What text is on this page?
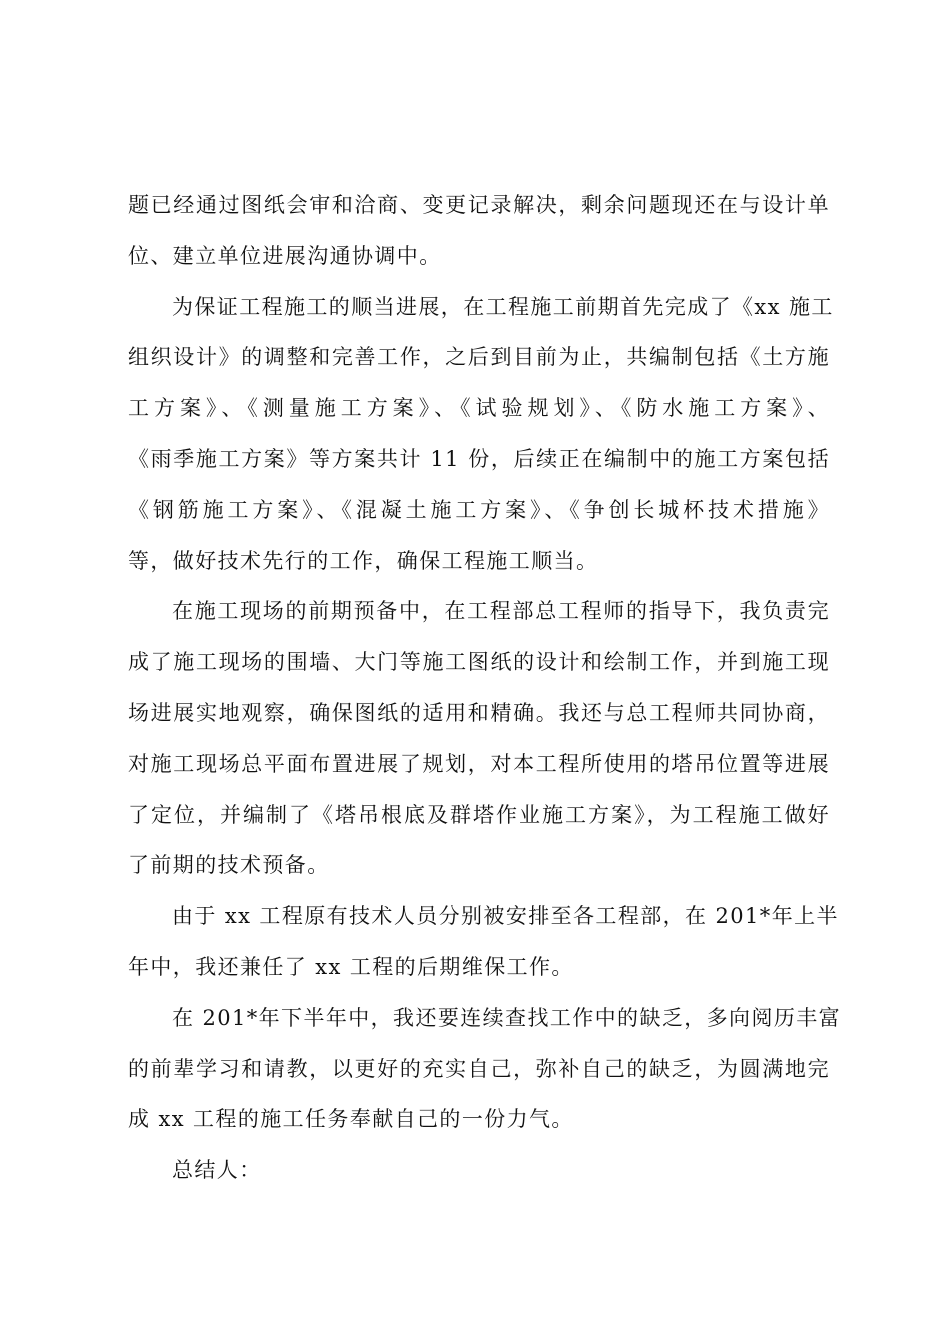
题已经通过图纸会审和洽商、变更记录解决，剩余问题现还在与设计单
位、建立单位进展沟通协调中。

为保证工程施工的顺当进展，在工程施工前期首先完成了《xx 施工
组织设计》的调整和完善工作，之后到目前为止，共编制包括《土方施
工方案》、《测量施工方案》、《试验规划》、《防水施工方案》、
《雨季施工方案》等方案共计 11 份，后续正在编制中的施工方案包括
《钢筋施工方案》、《混凝土施工方案》、《争创长城杯技术措施》
等，做好技术先行的工作，确保工程施工顺当。

在施工现场的前期预备中，在工程部总工程师的指导下，我负责完
成了施工现场的围墙、大门等施工图纸的设计和绘制工作，并到施工现
场进展实地观察，确保图纸的适用和精确。我还与总工程师共同协商，
对施工现场总平面布置进展了规划，对本工程所使用的塔吊位置等进展
了定位，并编制了《塔吊根底及群塔作业施工方案》，为工程施工做好
了前期的技术预备。

由于 xx 工程原有技术人员分别被安排至各工程部，在 201*年上半
年中，我还兼任了 xx 工程的后期维保工作。

在 201*年下半年中，我还要连续查找工作中的缺乏，多向阅历丰富
的前辈学习和请教，以更好的充实自己，弥补自己的缺乏，为圆满地完
成 xx 工程的施工任务奉献自己的一份力气。

总结人：
